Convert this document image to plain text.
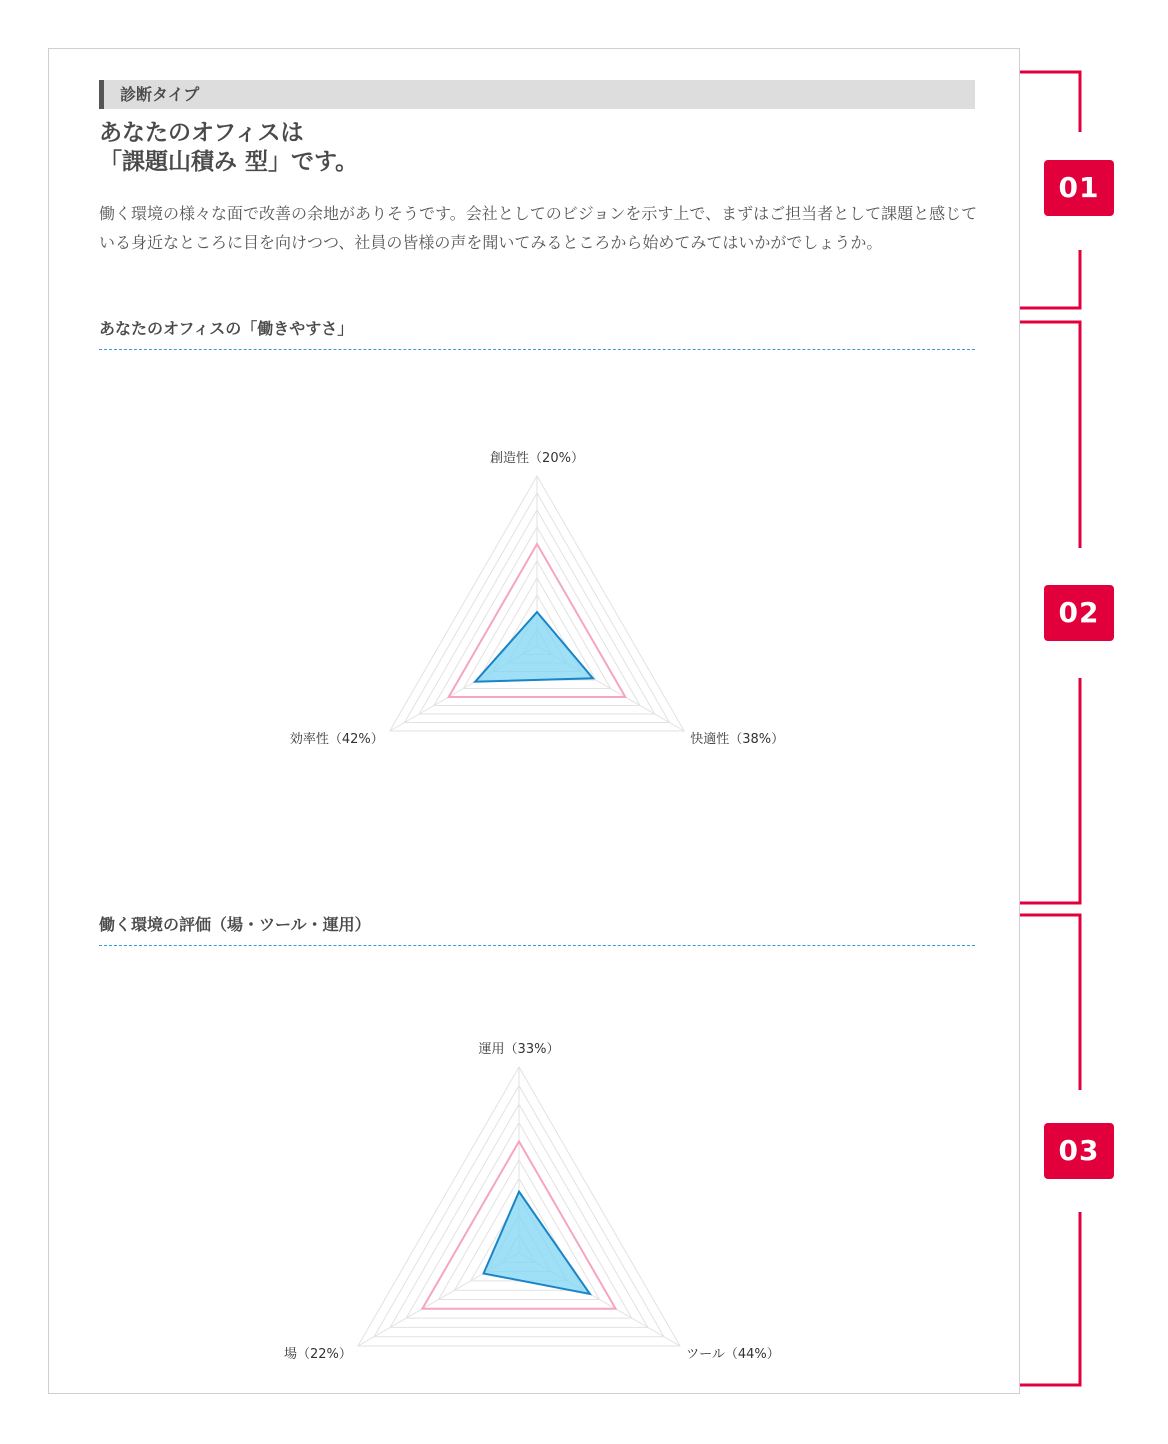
診断タイプ
あなたのオフィスは
「課題山積み 型」です。
働く環境の様々な面で改善の余地がありそうです。会社としてのビジョンを示す上で、まずはご担当者として課題と感じている身近なところに目を向けつつ、社員の皆様の声を聞いてみるところから始めてみてはいかがでしょうか。
あなたのオフィスの「働きやすさ」
創造性（20%）
快適性（38%）
効率性（42%）
働く環境の評価（場・ツール・運用）
運用（33%）
ツール（44%）
場（22%）
01
02
03
